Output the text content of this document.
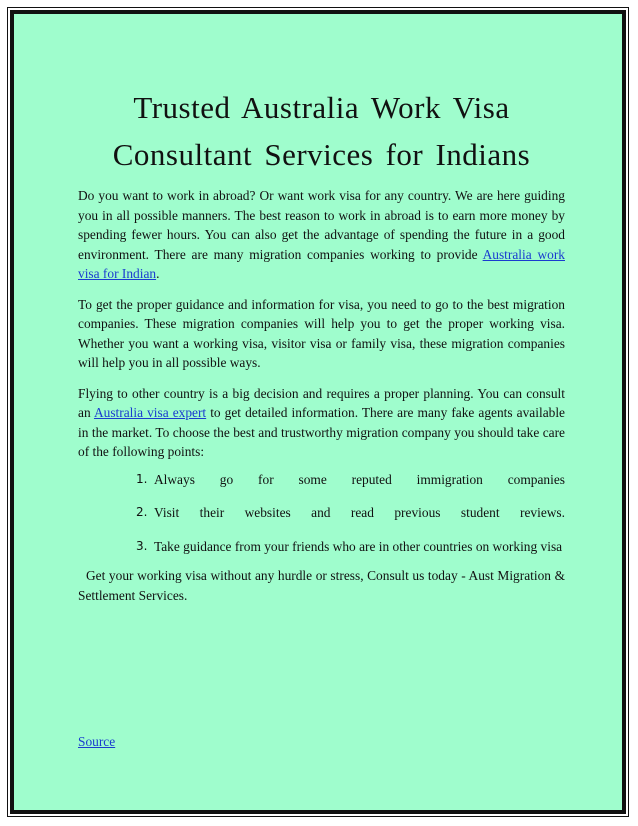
Trusted Australia Work Visa Consultant Services for Indians

Do you want to work in abroad? Or want work visa for any country. We are here guiding you in all possible manners. The best reason to work in abroad is to earn more money by spending fewer hours. You can also get the advantage of spending the future in a good environment. There are many migration companies working to provide Australia work visa for Indian.

To get the proper guidance and information for visa, you need to go to the best migration companies. These migration companies will help you to get the proper working visa. Whether you want a working visa, visitor visa or family visa, these migration companies will help you in all possible ways.

Flying to other country is a big decision and requires a proper planning. You can consult an Australia visa expert to get detailed information. There are many fake agents available in the market. To choose the best and trustworthy migration company you should take care of the following points:

1. Always go for some reputed immigration companies
2. Visit their websites and read previous student reviews.
3. Take guidance from your friends who are in other countries on working visa

Get your working visa without any hurdle or stress, Consult us today - Aust Migration & Settlement Services.

Source
